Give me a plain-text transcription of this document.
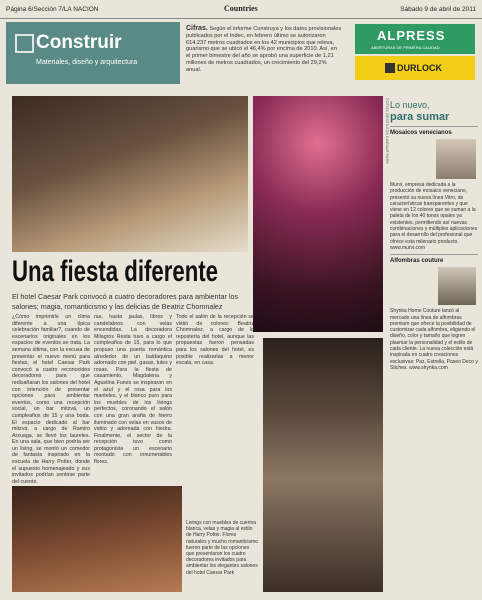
Página 6/Sección 7/LA NACION	Countries	Sábado 9 de abril de 2011
Construir
Materiales, diseño y arquitectura
Cifras. Según el informe Construya y los datos provisionales publicados por el Indec, en febrero último se autorizaron 614.237 metros cuadrados en los 42 municipios que releva, guarismo que se ubicó el 46,4% por encima de 2010. Así, en el primer bimestre del año se aprobó una superficie de 1,21 millones de metros cuadrados, un crecimiento del 29,2% anual.
ALPRESS
ABERTURAS DE PRIMERA CALIDAD
DURLOCK
FOTOS GENTILEZA CAESAR PARK
Una fiesta diferente
El hotel Caesar Park convocó a cuatro decoradores para ambientar los salones; magia, romanticismo y las delicias de Beatriz Chomnalez
¿Cómo imprimirle un clima diferente a una típica celebración familiar?, cuando de escenarios originales en los espacios de eventos se trata. La semana última, con la excusa de presentar el nuevo menú para fiestas, el hotel Caesar Park convocó a cuatro reconocidos decoradores para que redisañaran los salones del hotel con intención de presentar opciones para ambientar eventos, como una recepción social, un bar mitzvá, un cumpleaños de 15 y una boda. El espacio dedicado al bar mitzvá, a cargo de Ramiro Arzuaga, se llevó los laureles. En una sala, que bien podría ser un living, se montó un comedor de fantasía inspirado en la escuela de Harry Potter, donde el supuesto homenajeado y sus invitados podrían sentirse parte del cuento.
ras, hasta jaulas, libros y candelabros con velas encendidas. La decoradora Milagros Resta tuvo a cargo el cumpleaños de 15, para lo que propuso una puerta romántica alrededor de un baldaquino adornado con piel, gasas, tules y rosas. Para la fiesta de casamiento, Magdalena y Agustina Funes se inspiraron en el azul y el rosa para los manteles, y el blanco puro para los muebles de los livings perfectos, coronando el salón con una gran araña de hierro iluminado con velas en vasos de vidrio y adornada con hiedra. Finalmente, el sector de la recepción tuvo como protagonista un escenario montado con innumerables flores.
Todo el salón de la recepción se vistió de colores: Beatriz Chomnalez, a cargo de la repostería del hotel, aunque las propuestas fueron pensadas para los salones del hotel, es posible realizarlas a menor escala, en casa.
Livings con muebles de cuerina blanca, velas y magia al estilo de Harry Potter. Flores naturales y mucho romanticismo fueron parte de las opciones que presentaron los cuatro decoradores invitados para ambientar los elegantes salones del hotel Caesar Park
Lo nuevo,
para sumar
Mosaicos venecianos
Murvi, empresa dedicada a la producción de mosaico veneciano, presentó su nueva línea Vitro, de características transparentes y que viene en 12 colores que se suman a la paleta de los 40 tonos opales ya existentes, permitiendo así nuevas combinaciones y múltiples aplicaciones para el desarrollo del profesional que ofrece esta milenario producto. www.murvi.com
Alfombras couture
Shynka Home Couture lanzó al mercado una línea de alfombras premium que ofrece la posibilidad de customizar cada alfombra, eligiendo el diseño, color y tamaño que logren plasmar la personalidad y el estilo de cada cliente. La nueva colección está inspirada en cuatro creaciones exclusivas: Paz, Estrella, Paseo Deco y Stiches. www.shynka.com
